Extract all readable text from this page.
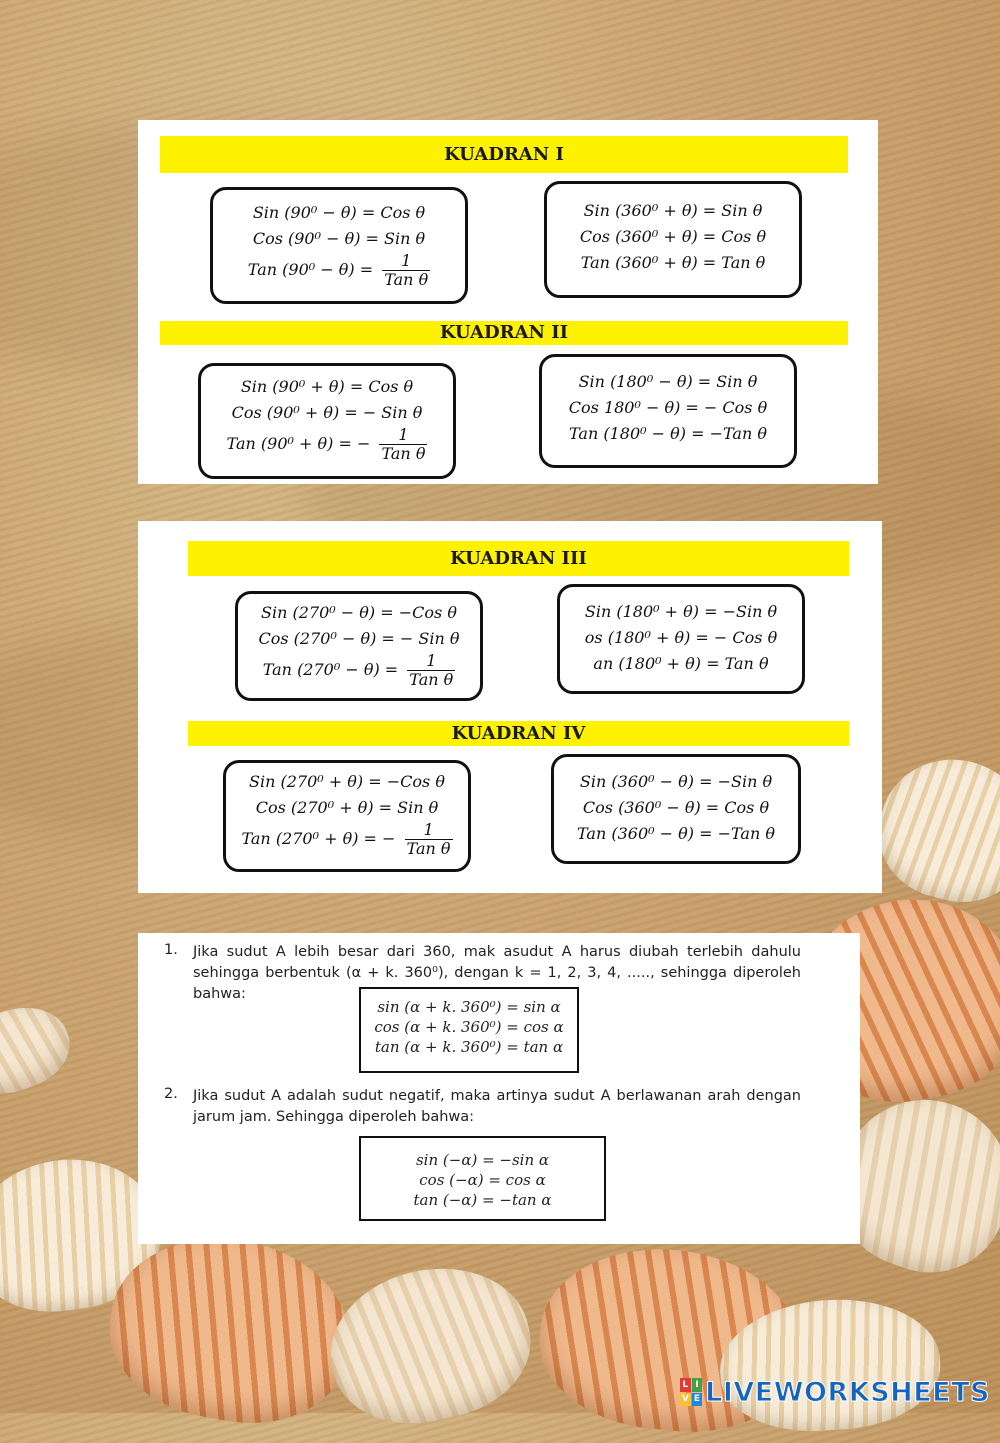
KUADRAN I
Sin (90⁰ − θ) = Cos θ
Cos (90⁰ − θ) = Sin θ
Tan $(90^0 - \theta) = \frac{1}{\text{Tan θ}}$
Sin (360⁰ + θ) = Sin θ
Cos (360⁰ + θ) = Cos θ
Tan (360⁰ + θ) = Tan θ
KUADRAN II
Sin (90⁰ + θ) = Cos θ
Cos (90⁰ + θ) = − Sin θ
Tan (90⁰ + θ) = − $\frac{1}{\text{Tan θ}}$
Sin (180⁰ − θ) = Sin θ
Cos 180⁰ − θ) = − Cos θ
Tan (180⁰ − θ) = −Tan θ
KUADRAN III
Sin (270⁰ − θ) = −Cos θ
Cos (270⁰ − θ) = − Sin θ
Tan $(270^0 - \theta) = \frac{1}{\text{Tan θ}}$
Sin (180⁰ + θ) = −Sin θ
os (180⁰ + θ) = − Cos θ
an (180⁰ + θ) = Tan θ
KUADRAN IV
Sin (270⁰ + θ) = −Cos θ
Cos (270⁰ + θ) = Sin θ
Tan (270⁰ + θ) = − $\frac{1}{\text{Tan θ}}$
Sin (360⁰ − θ) = −Sin θ
Cos (360⁰ − θ) = Cos θ
Tan (360⁰ − θ) = −Tan θ
1. Jika sudut A lebih besar dari 360, mak asudut A harus diubah terlebih dahulu sehingga berbentuk (α + k. 360⁰), dengan k = 1, 2, 3, 4, ....., sehingga diperoleh bahwa:
sin (α + k. 360⁰) = sin α
cos (α + k. 360⁰) = cos α
tan (α + k. 360⁰) = tan α
2. Jika sudut A adalah sudut negatif, maka artinya sudut A berlawanan arah dengan jarum jam. Sehingga diperoleh bahwa:
sin (−α) = −sin α
cos (−α) = cos α
tan (−α) = −tan α
L I
V E LIVEWORKSHEETS
